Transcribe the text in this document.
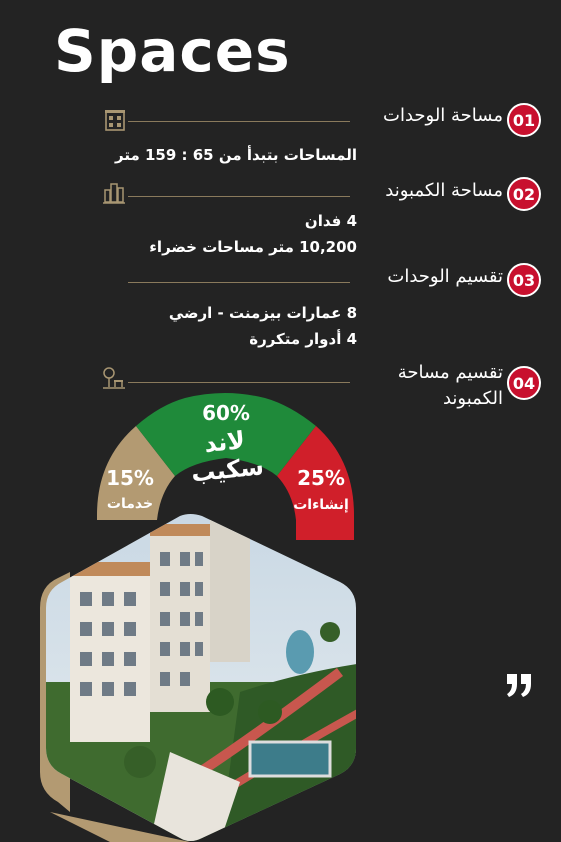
Spaces
01
مساحة الوحدات
المساحات بتبدأ من 65 : 159 متر
02
مساحة الكمبوند
4 فدان
10,200 متر مساحات خضراء
03
تقسيم الوحدات
8 عمارات بيزمنت - ارضي
4 أدوار متكررة
04
تقسيم مساحة
الكمبوند
60%
لاند سكيب
15%
خدمات
25%
إنشاءات
